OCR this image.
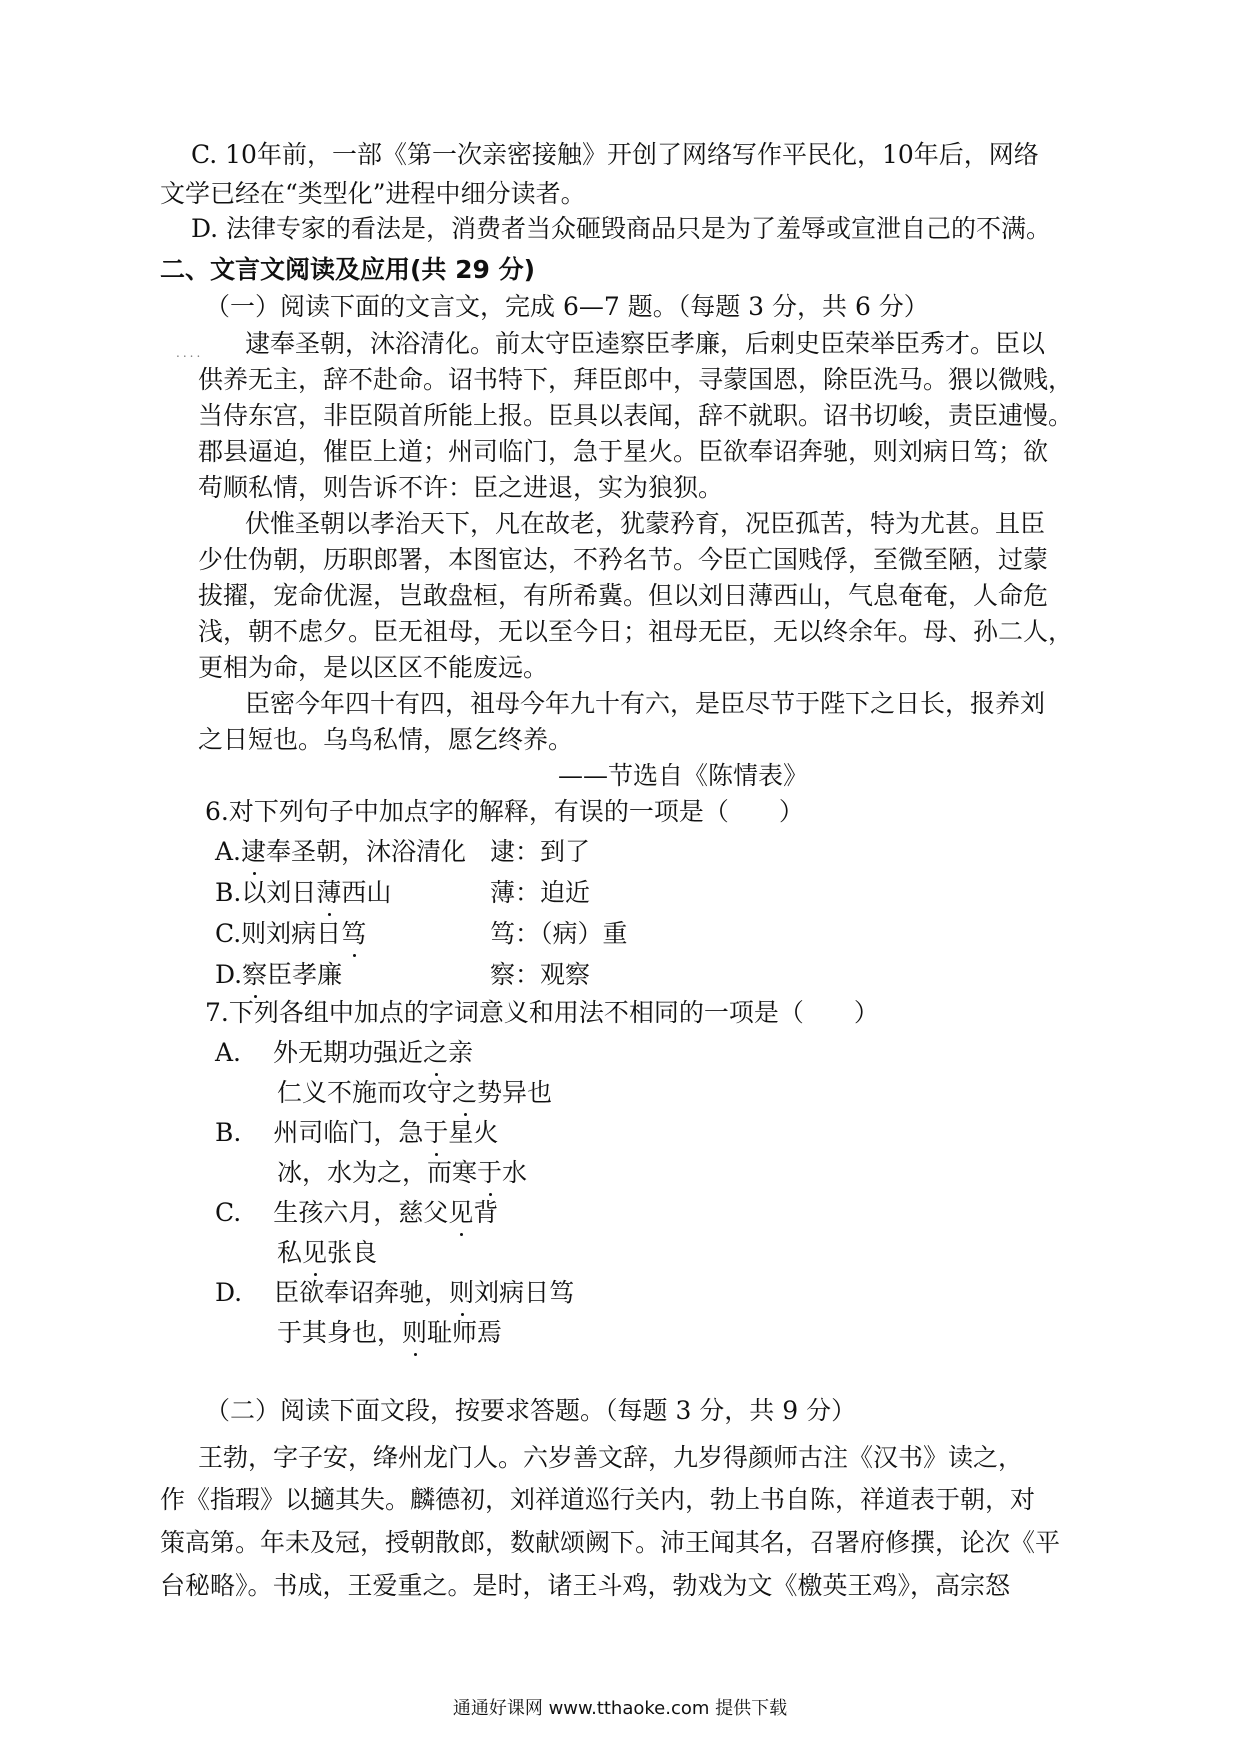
C. 10年前，一部《第一次亲密接触》开创了网络写作平民化，10年后，网络
文学已经在“类型化”进程中细分读者。
D. 法律专家的看法是，消费者当众砸毁商品只是为了羞辱或宣泄自己的不满。
二、文言文阅读及应用(共 29 分)
....
（一）阅读下面的文言文，完成 6—7 题。（每题 3 分，共 6 分）
逮奉圣朝，沐浴清化。前太守臣逵察臣孝廉，后刺史臣荣举臣秀才。臣以
供养无主，辞不赴命。诏书特下，拜臣郎中，寻蒙国恩，除臣洗马。猥以微贱，
当侍东宫，非臣陨首所能上报。臣具以表闻，辞不就职。诏书切峻，责臣逋慢。
郡县逼迫，催臣上道；州司临门，急于星火。臣欲奉诏奔驰，则刘病日笃；欲
苟顺私情，则告诉不许：臣之进退，实为狼狈。
伏惟圣朝以孝治天下，凡在故老，犹蒙矜育，况臣孤苦，特为尤甚。且臣
少仕伪朝，历职郎署，本图宦达，不矜名节。今臣亡国贱俘，至微至陋，过蒙
拔擢，宠命优渥，岂敢盘桓，有所希冀。但以刘日薄西山，气息奄奄，人命危
浅，朝不虑夕。臣无祖母，无以至今日；祖母无臣，无以终余年。母、孙二人，
更相为命，是以区区不能废远。
臣密今年四十有四，祖母今年九十有六，是臣尽节于陛下之日长，报养刘
之日短也。乌鸟私情，愿乞终养。
——节选自《陈情表》
6.对下列句子中加点字的解释，有误的一项是（　　）
A.逮奉圣朝，沐浴清化 逮：到了
B.以刘日薄西山	薄：迫近
C.则刘病日笃	笃：（病）重
D.察臣孝廉	察：观察
7.下列各组中加点的字词意义和用法不相同的一项是（　　）
A. 外无期功强近之亲
仁义不施而攻守之势异也
B. 州司临门，急于星火
冰，水为之，而寒于水
C. 生孩六月，慈父见背
私见张良
D. 臣欲奉诏奔驰，则刘病日笃
于其身也，则耻师焉
（二）阅读下面文段，按要求答题。（每题 3 分，共 9 分）
王勃，字子安，绛州龙门人。六岁善文辞，九岁得颜师古注《汉书》读之，
作《指瑕》以擿其失。麟德初，刘祥道巡行关内，勃上书自陈，祥道表于朝，对
策高第。年未及冠，授朝散郎，数献颂阙下。沛王闻其名，召署府修撰，论次《平
台秘略》。书成，王爱重之。是时，诸王斗鸡，勃戏为文《檄英王鸡》，高宗怒
通通好课网 www.tthaoke.com 提供下载
